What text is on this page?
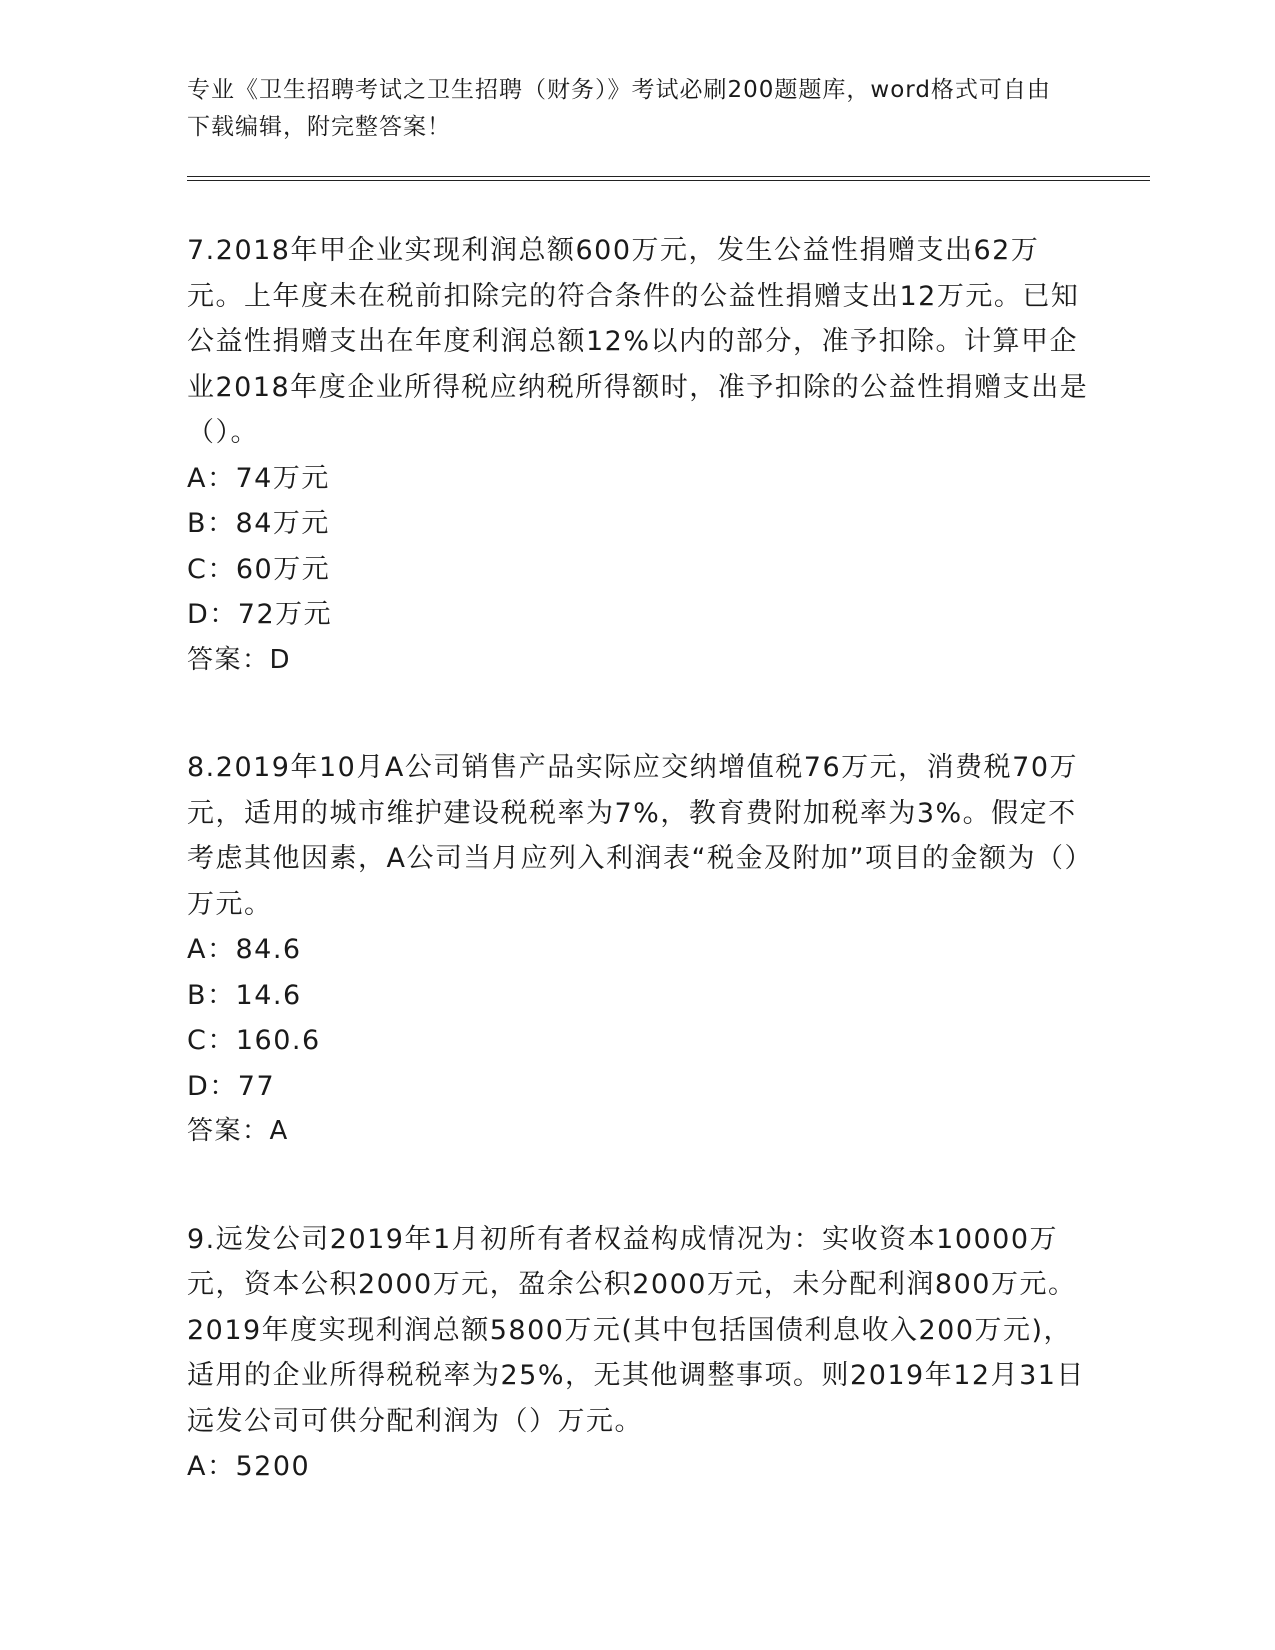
专业《卫生招聘考试之卫生招聘（财务）》考试必刷200题题库，word格式可自由下载编辑，附完整答案！
7.2018年甲企业实现利润总额600万元，发生公益性捐赠支出62万元。上年度未在税前扣除完的符合条件的公益性捐赠支出12万元。已知公益性捐赠支出在年度利润总额12%以内的部分，准予扣除。计算甲企业2018年度企业所得税应纳税所得额时，准予扣除的公益性捐赠支出是（）。
A：74万元
B：84万元
C：60万元
D：72万元
答案：D
8.2019年10月A公司销售产品实际应交纳增值税76万元，消费税70万元，适用的城市维护建设税税率为7%，教育费附加税率为3%。假定不考虑其他因素，A公司当月应列入利润表“税金及附加”项目的金额为（）万元。
A：84.6
B：14.6
C：160.6
D：77
答案：A
9.远发公司2019年1月初所有者权益构成情况为：实收资本10000万元，资本公积2000万元，盈余公积2000万元，未分配利润800万元。2019年度实现利润总额5800万元(其中包括国债利息收入200万元)，适用的企业所得税税率为25%，无其他调整事项。则2019年12月31日远发公司可供分配利润为（）万元。
A：5200
